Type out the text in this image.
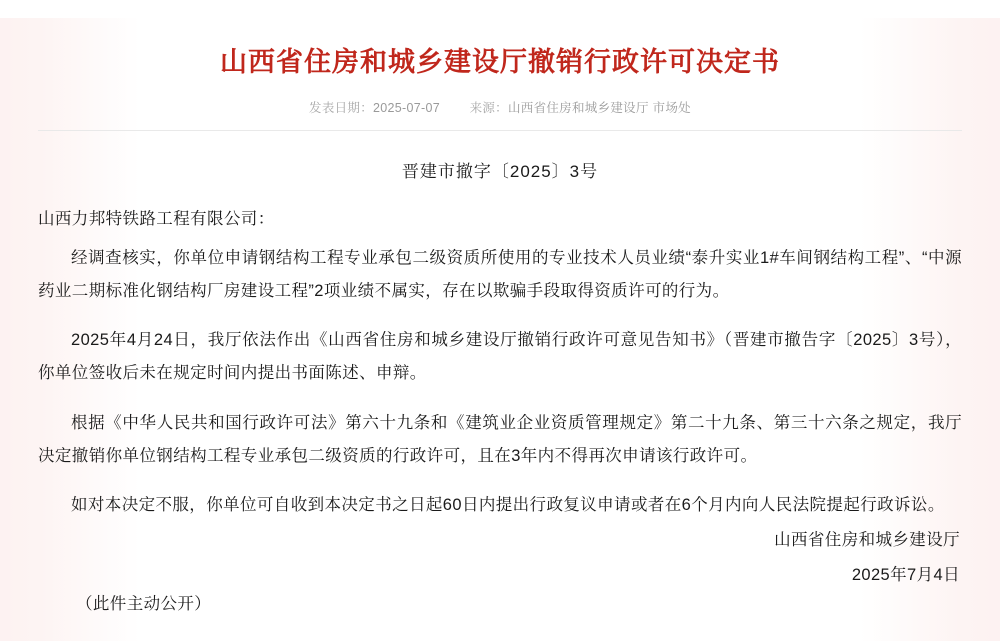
山西省住房和城乡建设厅撤销行政许可决定书
发表日期：2025-07-07 来源：山西省住房和城乡建设厅 市场处
晋建市撤字〔2025〕3号
山西力邦特铁路工程有限公司：

经调查核实，你单位申请钢结构工程专业承包二级资质所使用的专业技术人员业绩“泰升实业1#车间钢结构工程”、“中源药业二期标准化钢结构厂房建设工程”2项业绩不属实，存在以欺骗手段取得资质许可的行为。

2025年4月24日，我厅依法作出《山西省住房和城乡建设厅撤销行政许可意见告知书》（晋建市撤告字〔2025〕3号），你单位签收后未在规定时间内提出书面陈述、申辩。

根据《中华人民共和国行政许可法》第六十九条和《建筑业企业资质管理规定》第二十九条、第三十六条之规定，我厅决定撤销你单位钢结构工程专业承包二级资质的行政许可，且在3年内不得再次申请该行政许可。

如对本决定不服，你单位可自收到本决定书之日起60日内提出行政复议申请或者在6个月内向人民法院提起行政诉讼。

山西省住房和城乡建设厅
2025年7月4日
（此件主动公开）
